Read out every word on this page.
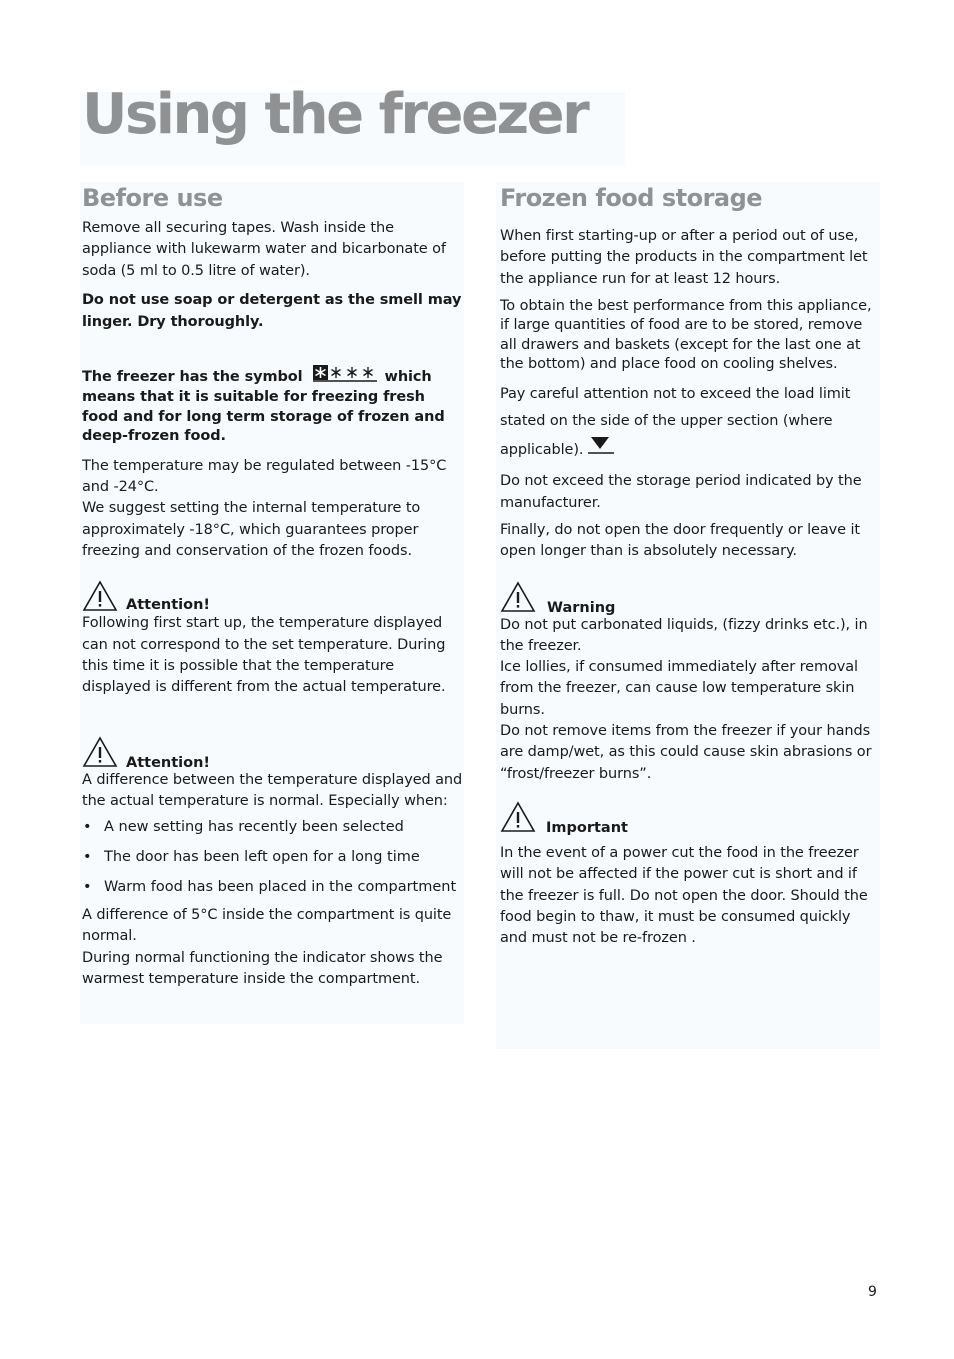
Using the freezer
Before use

Remove all securing tapes. Wash inside the appliance with lukewarm water and bicarbonate of soda (5 ml to 0.5 litre of water).

Do not use soap or detergent as the smell may linger. Dry thoroughly.

The freezer has the symbol	which
means that it is suitable for freezing fresh food and for long term storage of frozen and deep-frozen food.

The temperature may be regulated between -15°C and -24°C.
We suggest setting the internal temperature to approximately -18°C, which guarantees proper freezing and conservation of the frozen foods.

Attention!

Following first start up, the temperature displayed can not correspond to the set temperature. During this time it is possible that the temperature displayed is different from the actual temperature.

Attention!

A difference between the temperature displayed and the actual temperature is normal. Especially when:

• A new setting has recently been selected
• The door has been left open for a long time
• Warm food has been placed in the compartment

A difference of 5°C inside the compartment is quite normal.
During normal functioning the indicator shows the warmest temperature inside the compartment.

Frozen food storage

When first starting-up or after a period out of use, before putting the products in the compartment let the appliance run for at least 12 hours.

To obtain the best performance from this appliance, if large quantities of food are to be stored, remove all drawers and baskets (except for the last one at the bottom) and place food on cooling shelves.

Pay careful attention not to exceed the load limit
stated on the side of the upper section (where
applicable).

Do not exceed the storage period indicated by the manufacturer.

Finally, do not open the door frequently or leave it open longer than is absolutely necessary.

Warning

Do not put carbonated liquids, (fizzy drinks etc.), in the freezer.
Ice lollies, if consumed immediately after removal from the freezer, can cause low temperature skin burns.
Do not remove items from the freezer if your hands are damp/wet, as this could cause skin abrasions or “frost/freezer burns”.

Important

In the event of a power cut the food in the freezer will not be affected if the power cut is short and if the freezer is full. Do not open the door. Should the food begin to thaw, it must be consumed quickly and must not be re-frozen .

9
